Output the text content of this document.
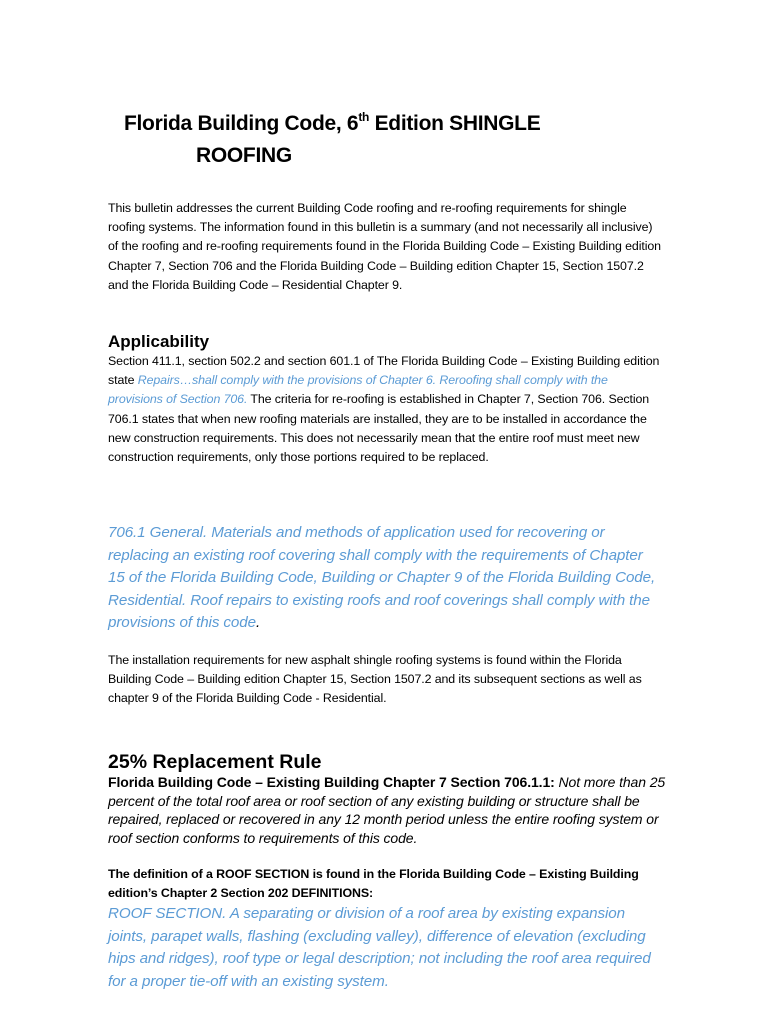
Florida Building Code, 6th Edition SHINGLE
ROOFING
This bulletin addresses the current Building Code roofing and re-roofing requirements for shingle roofing systems. The information found in this bulletin is a summary (and not necessarily all inclusive) of the roofing and re-roofing requirements found in the Florida Building Code – Existing Building edition Chapter 7, Section 706 and the Florida Building Code – Building edition Chapter 15, Section 1507.2 and the Florida Building Code – Residential Chapter 9.
Applicability
Section 411.1, section 502.2 and section 601.1 of The Florida Building Code – Existing Building edition state Repairs…shall comply with the provisions of Chapter 6. Reroofing shall comply with the provisions of Section 706. The criteria for re-roofing is established in Chapter 7, Section 706. Section 706.1 states that when new roofing materials are installed, they are to be installed in accordance the new construction requirements. This does not necessarily mean that the entire roof must meet new construction requirements, only those portions required to be replaced.
706.1 General. Materials and methods of application used for recovering or replacing an existing roof covering shall comply with the requirements of Chapter 15 of the Florida Building Code, Building or Chapter 9 of the Florida Building Code, Residential. Roof repairs to existing roofs and roof coverings shall comply with the provisions of this code.
The installation requirements for new asphalt shingle roofing systems is found within the Florida Building Code – Building edition Chapter 15, Section 1507.2 and its subsequent sections as well as chapter 9 of the Florida Building Code - Residential.
25% Replacement Rule
Florida Building Code – Existing Building Chapter 7 Section 706.1.1: Not more than 25 percent of the total roof area or roof section of any existing building or structure shall be repaired, replaced or recovered in any 12 month period unless the entire roofing system or roof section conforms to requirements of this code.
The definition of a ROOF SECTION is found in the Florida Building Code – Existing Building edition’s Chapter 2 Section 202 DEFINITIONS:
ROOF SECTION. A separating or division of a roof area by existing expansion joints, parapet walls, flashing (excluding valley), difference of elevation (excluding hips and ridges), roof type or legal description; not including the roof area required for a proper tie-off with an existing system.
